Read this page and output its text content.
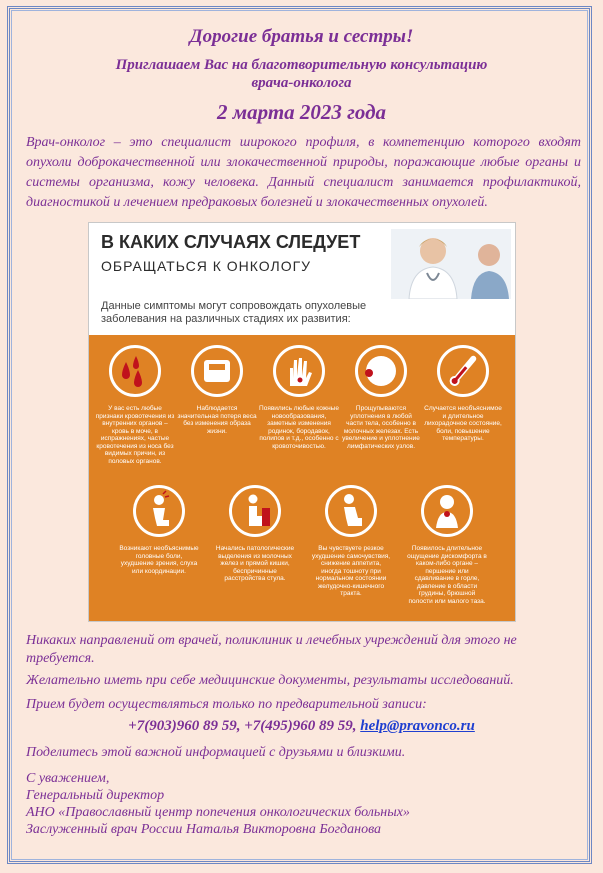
Дорогие братья и сестры!
Приглашаем Вас на благотворительную консультацию
врача-онколога
2 марта 2023 года
Врач-онколог – это специалист широкого профиля, в компетенцию которого входят опухоли доброкачественной или злокачественной природы, поражающие любые органы и системы организма, кожу человека. Данный специалист занимается профилактикой, диагностикой и лечением предраковых болезней и злокачественных опухолей.
В КАКИХ СЛУЧАЯХ СЛЕДУЕТ
ОБРАЩАТЬСЯ К ОНКОЛОГУ
Данные симптомы могут сопровождать опухолевые заболевания на различных стадиях их развития:
У вас есть любые признаки кровотечения из внутренних органов – кровь в моче, в испражнениях, частые кровотечения из носа без видимых причин, из половых органов.
Наблюдается значительная потеря веса без изменения образа жизни.
Появились любые кожные новообразования, заметные изменения родинок, бородавок, полипов и т.д., особенно с кровоточивостью.
Прощупываются уплотнения в любой части тела, особенно в молочных железах. Есть увеличение и уплотнение лимфатических узлов.
Случается необъяснимое и длительное лихорадочное состояние, боли, повышение температуры.
Возникают необъяснимые головные боли, ухудшение зрения, слуха или координации.
Начались патологические выделения из молочных желез и прямой кишки, беспричинные расстройства стула.
Вы чувствуете резкое ухудшение самочувствия, снижение аппетита, иногда тошноту при нормальном состоянии желудочно-кишечного тракта.
Появилось длительное ощущение дискомфорта в каком-либо органе – першение или сдавливание в горле, давление в области грудины, брюшной полости или малого таза.
Никаких направлений от врачей, поликлиник и лечебных учреждений для этого не требуется.
Желательно иметь при себе медицинские документы, результаты исследований.
Прием будет осуществляться только по предварительной записи:
+7(903)960 89 59, +7(495)960 89 59, help@pravonco.ru
Поделитесь этой важной информацией с друзьями и близкими.
С уважением,
Генеральный директор
АНО «Православный центр попечения онкологических больных»
Заслуженный врач России Наталья Викторовна Богданова
